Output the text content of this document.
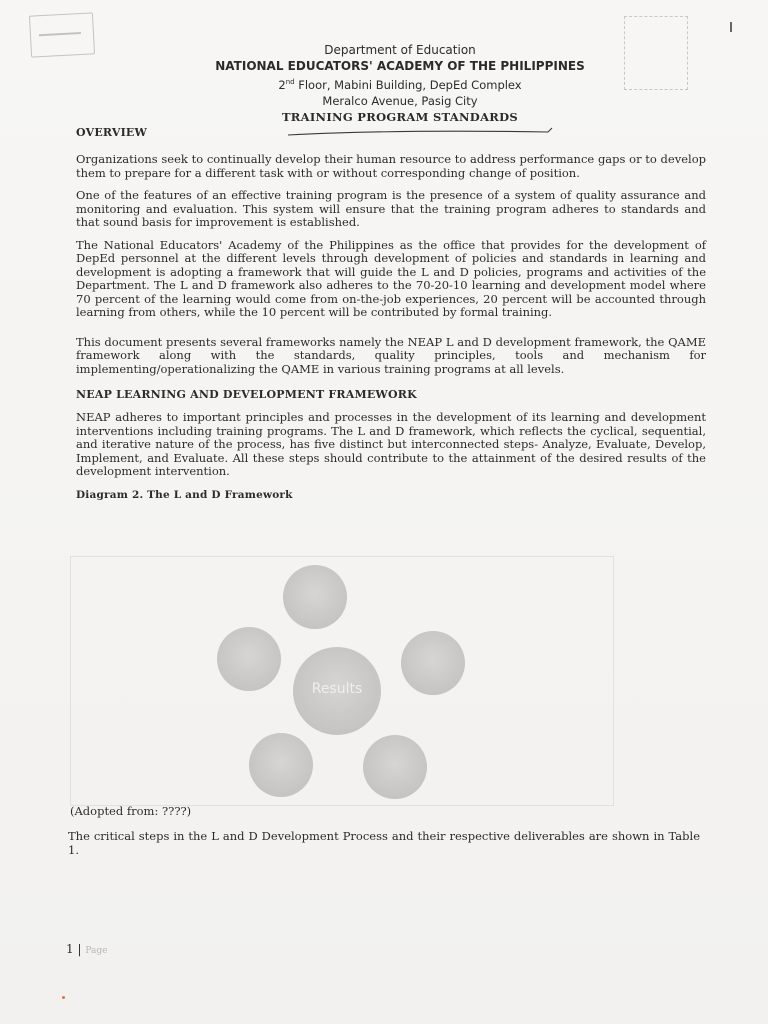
Department of Education
NATIONAL EDUCATORS' ACADEMY OF THE PHILIPPINES
2nd Floor, Mabini Building, DepEd Complex
Meralco Avenue, Pasig City
TRAINING PROGRAM STANDARDS
OVERVIEW

Organizations seek to continually develop their human resource to address performance gaps or to develop them to prepare for a different task with or without corresponding change of position.

One of the features of an effective training program is the presence of a system of quality assurance and monitoring and evaluation. This system will ensure that the training program adheres to standards and that sound basis for improvement is established.

The National Educators' Academy of the Philippines as the office that provides for the development of DepEd personnel at the different levels through development of policies and standards in learning and development is adopting a framework that will guide the L and D policies, programs and activities of the Department. The L and D framework also adheres to the 70-20-10 learning and development model where 70 percent of the learning would come from on-the-job experiences, 20 percent will be accounted through learning from others, while the 10 percent will be contributed by formal training.

This document presents several frameworks namely the NEAP L and D development framework, the QAME framework along with the standards, quality principles, tools and mechanism for implementing/operationalizing the QAME in various training programs at all levels.

NEAP LEARNING AND DEVELOPMENT FRAMEWORK

NEAP adheres to important principles and processes in the development of its learning and development interventions including training programs. The L and D framework, which reflects the cyclical, sequential, and iterative nature of the process, has five distinct but interconnected steps- Analyze, Evaluate, Develop, Implement, and Evaluate. All these steps should contribute to the attainment of the desired results of the development intervention.

Diagram 2. The L and D Framework
Results
(Adopted from: ????)

The critical steps in the L and D Development Process and their respective deliverables are shown in Table 1.

1 | Page
